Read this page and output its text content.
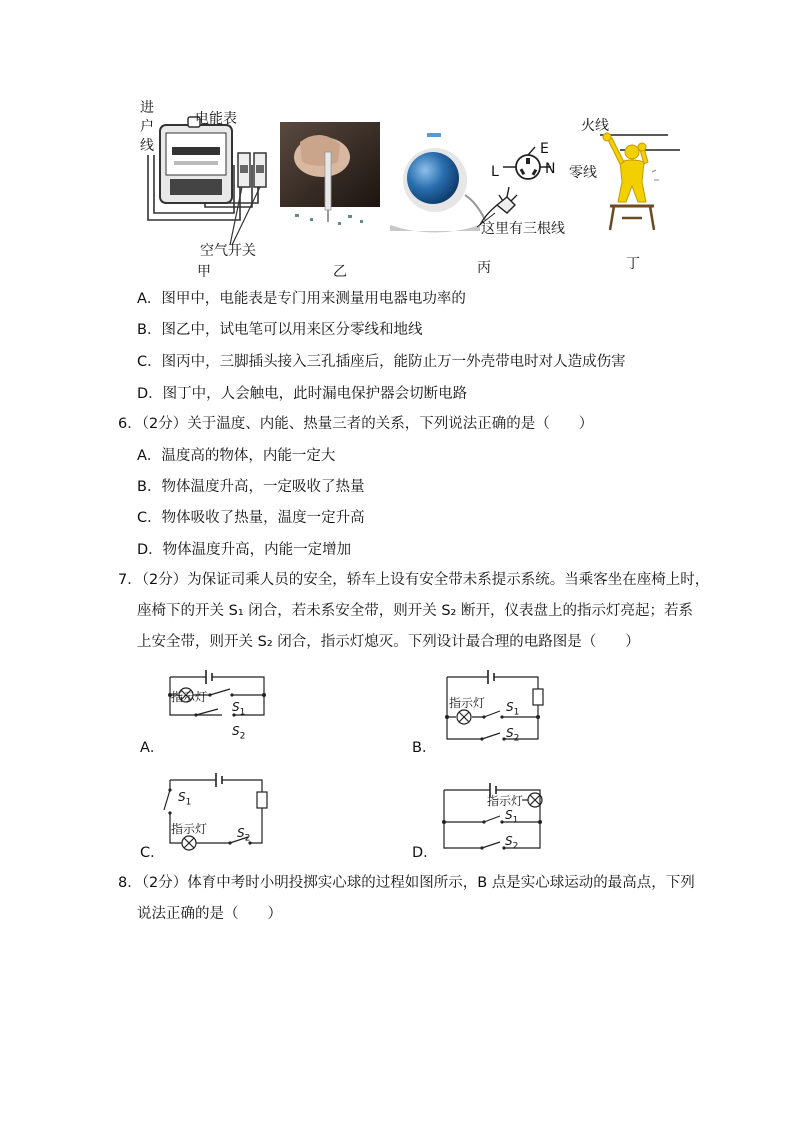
进
户
线
电能表
空气开关
甲	乙
L
E
N
这里有三根线
丙
火线
零线
丁
A．图甲中，电能表是专门用来测量用电器电功率的
B．图乙中，试电笔可以用来区分零线和地线
C．图丙中，三脚插头接入三孔插座后，能防止万一外壳带电时对人造成伤害
D．图丁中，人会触电，此时漏电保护器会切断电路
6．（2分）关于温度、内能、热量三者的关系，下列说法正确的是（　　）
A．温度高的物体，内能一定大
B．物体温度升高，一定吸收了热量
C．物体吸收了热量，温度一定升高
D．物体温度升高，内能一定增加
7．（2分）为保证司乘人员的安全，轿车上设有安全带未系提示系统。当乘客坐在座椅上时，
座椅下的开关 S₁ 闭合，若未系安全带，则开关 S₂ 断开，仪表盘上的指示灯亮起；若系
上安全带，则开关 S₂ 闭合，指示灯熄灭。下列设计最合理的电路图是（　　）
指示灯
$S_1$
$S_2$
A．
指示灯 $S_1$
$S_2$
B．
$S_1$
指示灯 $S_2$
C．
指示灯
$S_1$
$S_2$
D．
8．（2分）体育中考时小明投掷实心球的过程如图所示，B 点是实心球运动的最高点，下列
说法正确的是（　　）
